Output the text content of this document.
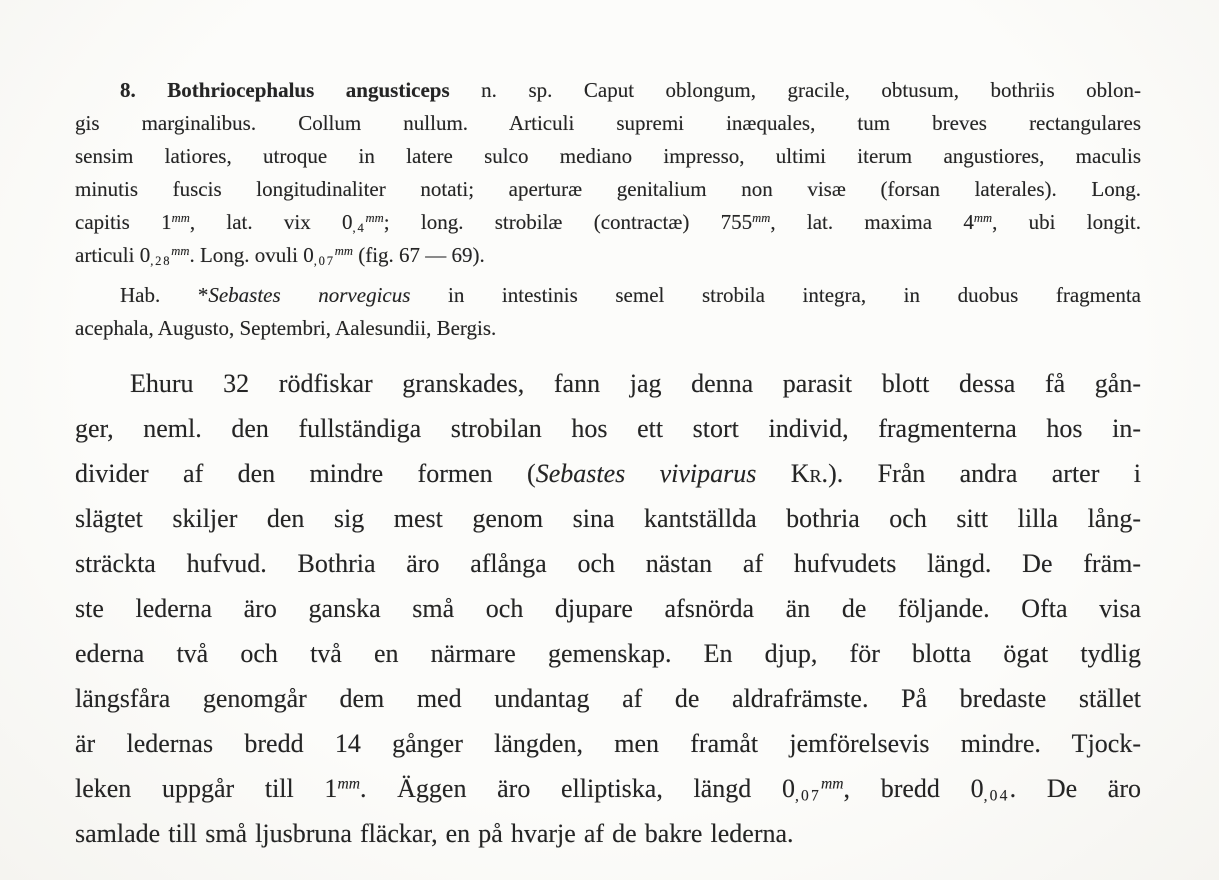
8. Bothriocephalus angusticeps n. sp. Caput oblongum, gracile, obtusum, bothriis oblon-
gis marginalibus. Collum nullum. Articuli supremi inæquales, tum breves rectangulares
sensim latiores, utroque in latere sulco mediano impresso, ultimi iterum angustiores, maculis
minutis fuscis longitudinaliter notati; aperturæ genitalium non visæ (forsan laterales). Long.
capitis $1^{mm}$, lat. vix $0_{,4}^{mm}$; long. strobilæ (contractæ) $755^{mm}$, lat. maxima $4^{mm}$, ubi longit.
articuli $0_{,28}^{mm}$. Long. ovuli $0_{,07}^{mm}$ (fig. 67 — 69).
Hab. *Sebastes norvegicus in intestinis semel strobila integra, in duobus fragmenta
acephala, Augusto, Septembri, Aalesundii, Bergis.
Ehuru 32 rödfiskar granskades, fann jag denna parasit blott dessa få gån-
ger, neml. den fullständiga strobilan hos ett stort individ, fragmenterna hos in-
divider af den mindre formen (Sebastes viviparus Kr.). Från andra arter i
slägtet skiljer den sig mest genom sina kantställda bothria och sitt lilla lång-
sträckta hufvud. Bothria äro aflånga och nästan af hufvudets längd. De främ-
ste lederna äro ganska små och djupare afsnörda än de följande. Ofta visa
ederna två och två en närmare gemenskap. En djup, för blotta ögat tydlig
längsfåra genomgår dem med undantag af de aldrafrämste. På bredaste stället
är ledernas bredd 14 gånger längden, men framåt jemförelsevis mindre. Tjock-
leken uppgår till $1^{mm}$. Äggen äro elliptiska, längd $0_{,07}^{mm}$, bredd $0_{,04}$. De äro
samlade till små ljusbruna fläckar, en på hvarje af de bakre lederna.
